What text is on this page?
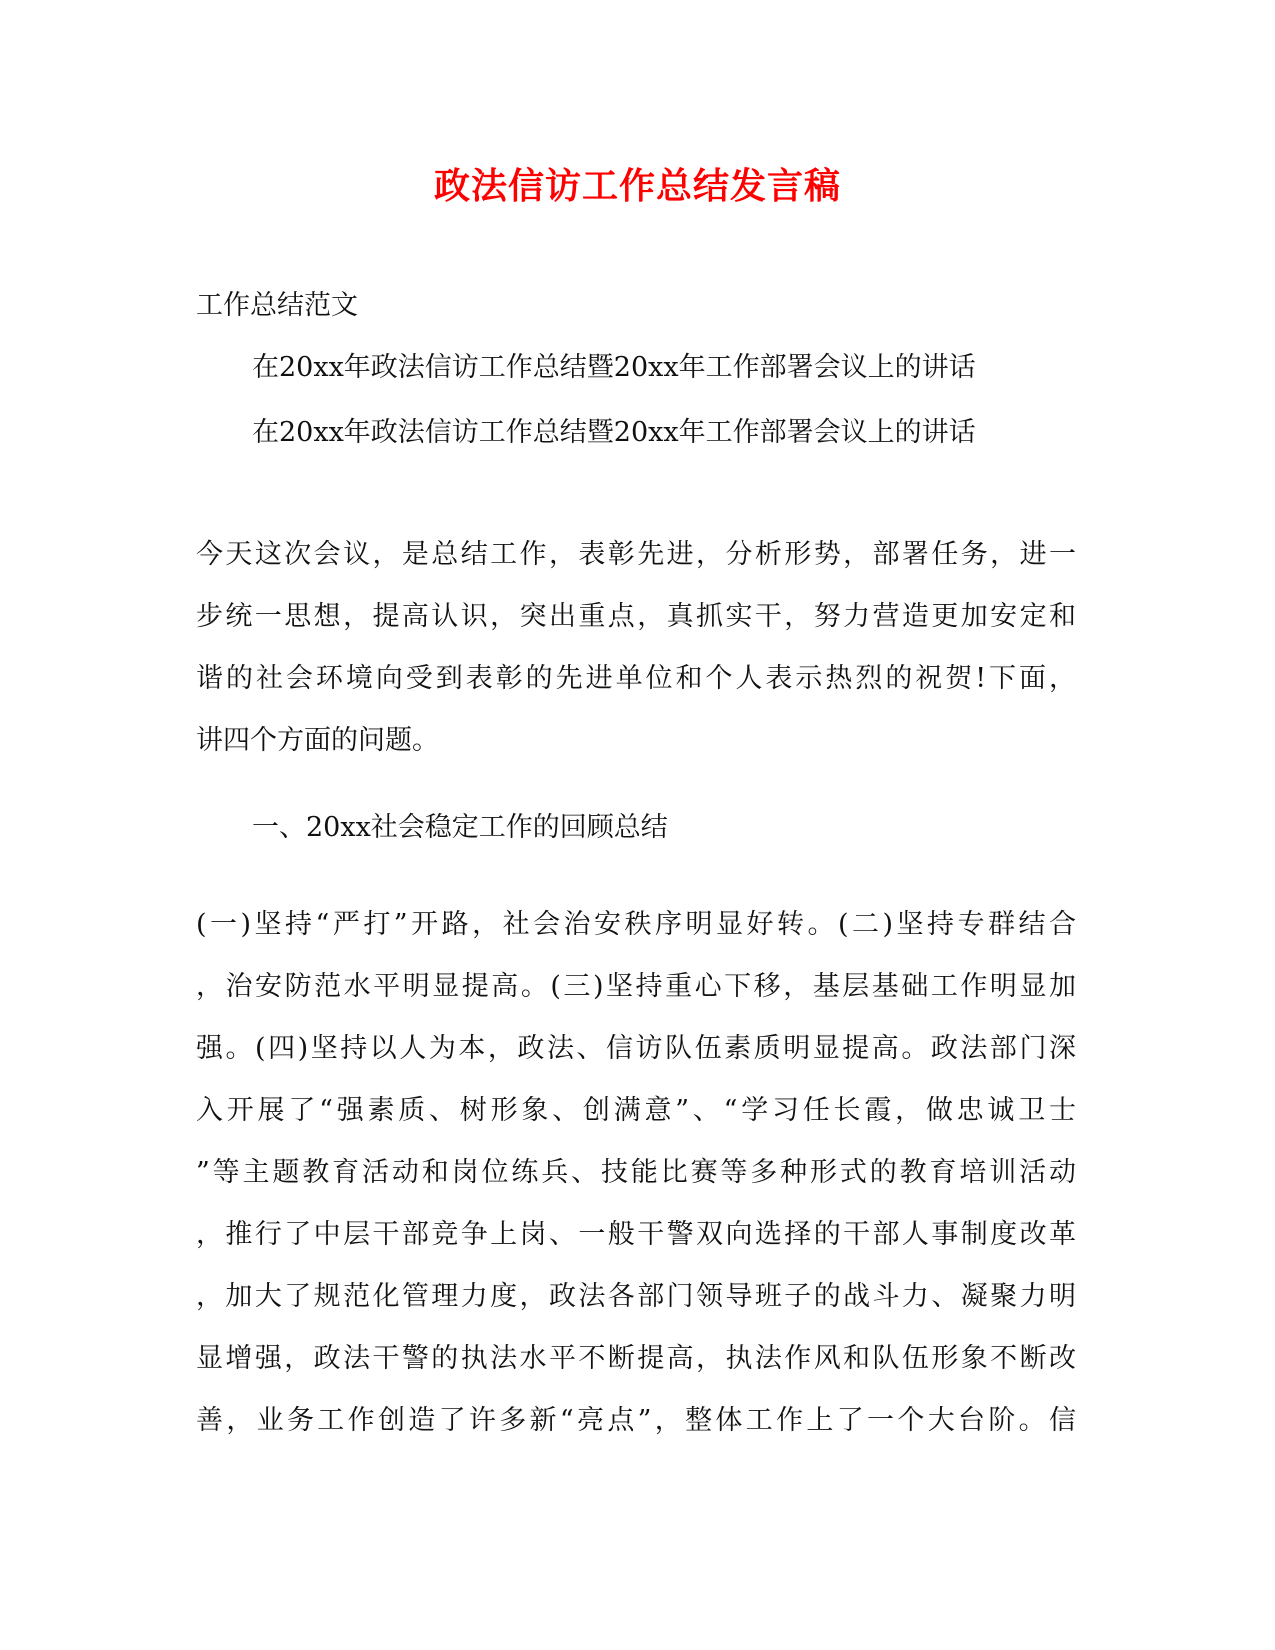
政法信访工作总结发言稿
工作总结范文
在20xx年政法信访工作总结暨20xx年工作部署会议上的讲话
在20xx年政法信访工作总结暨20xx年工作部署会议上的讲话
今天这次会议，是总结工作，表彰先进，分析形势，部署任务，进一
步统一思想，提高认识，突出重点，真抓实干，努力营造更加安定和
谐的社会环境向受到表彰的先进单位和个人表示热烈的祝贺!下面，
讲四个方面的问题。
一、20xx社会稳定工作的回顾总结
(一)坚持“严打”开路，社会治安秩序明显好转。(二)坚持专群结合
，治安防范水平明显提高。(三)坚持重心下移，基层基础工作明显加
强。(四)坚持以人为本，政法、信访队伍素质明显提高。政法部门深
入开展了“强素质、树形象、创满意”、“学习任长霞，做忠诚卫士
”等主题教育活动和岗位练兵、技能比赛等多种形式的教育培训活动
，推行了中层干部竞争上岗、一般干警双向选择的干部人事制度改革
，加大了规范化管理力度，政法各部门领导班子的战斗力、凝聚力明
显增强，政法干警的执法水平不断提高，执法作风和队伍形象不断改
善，业务工作创造了许多新“亮点”，整体工作上了一个大台阶。信
